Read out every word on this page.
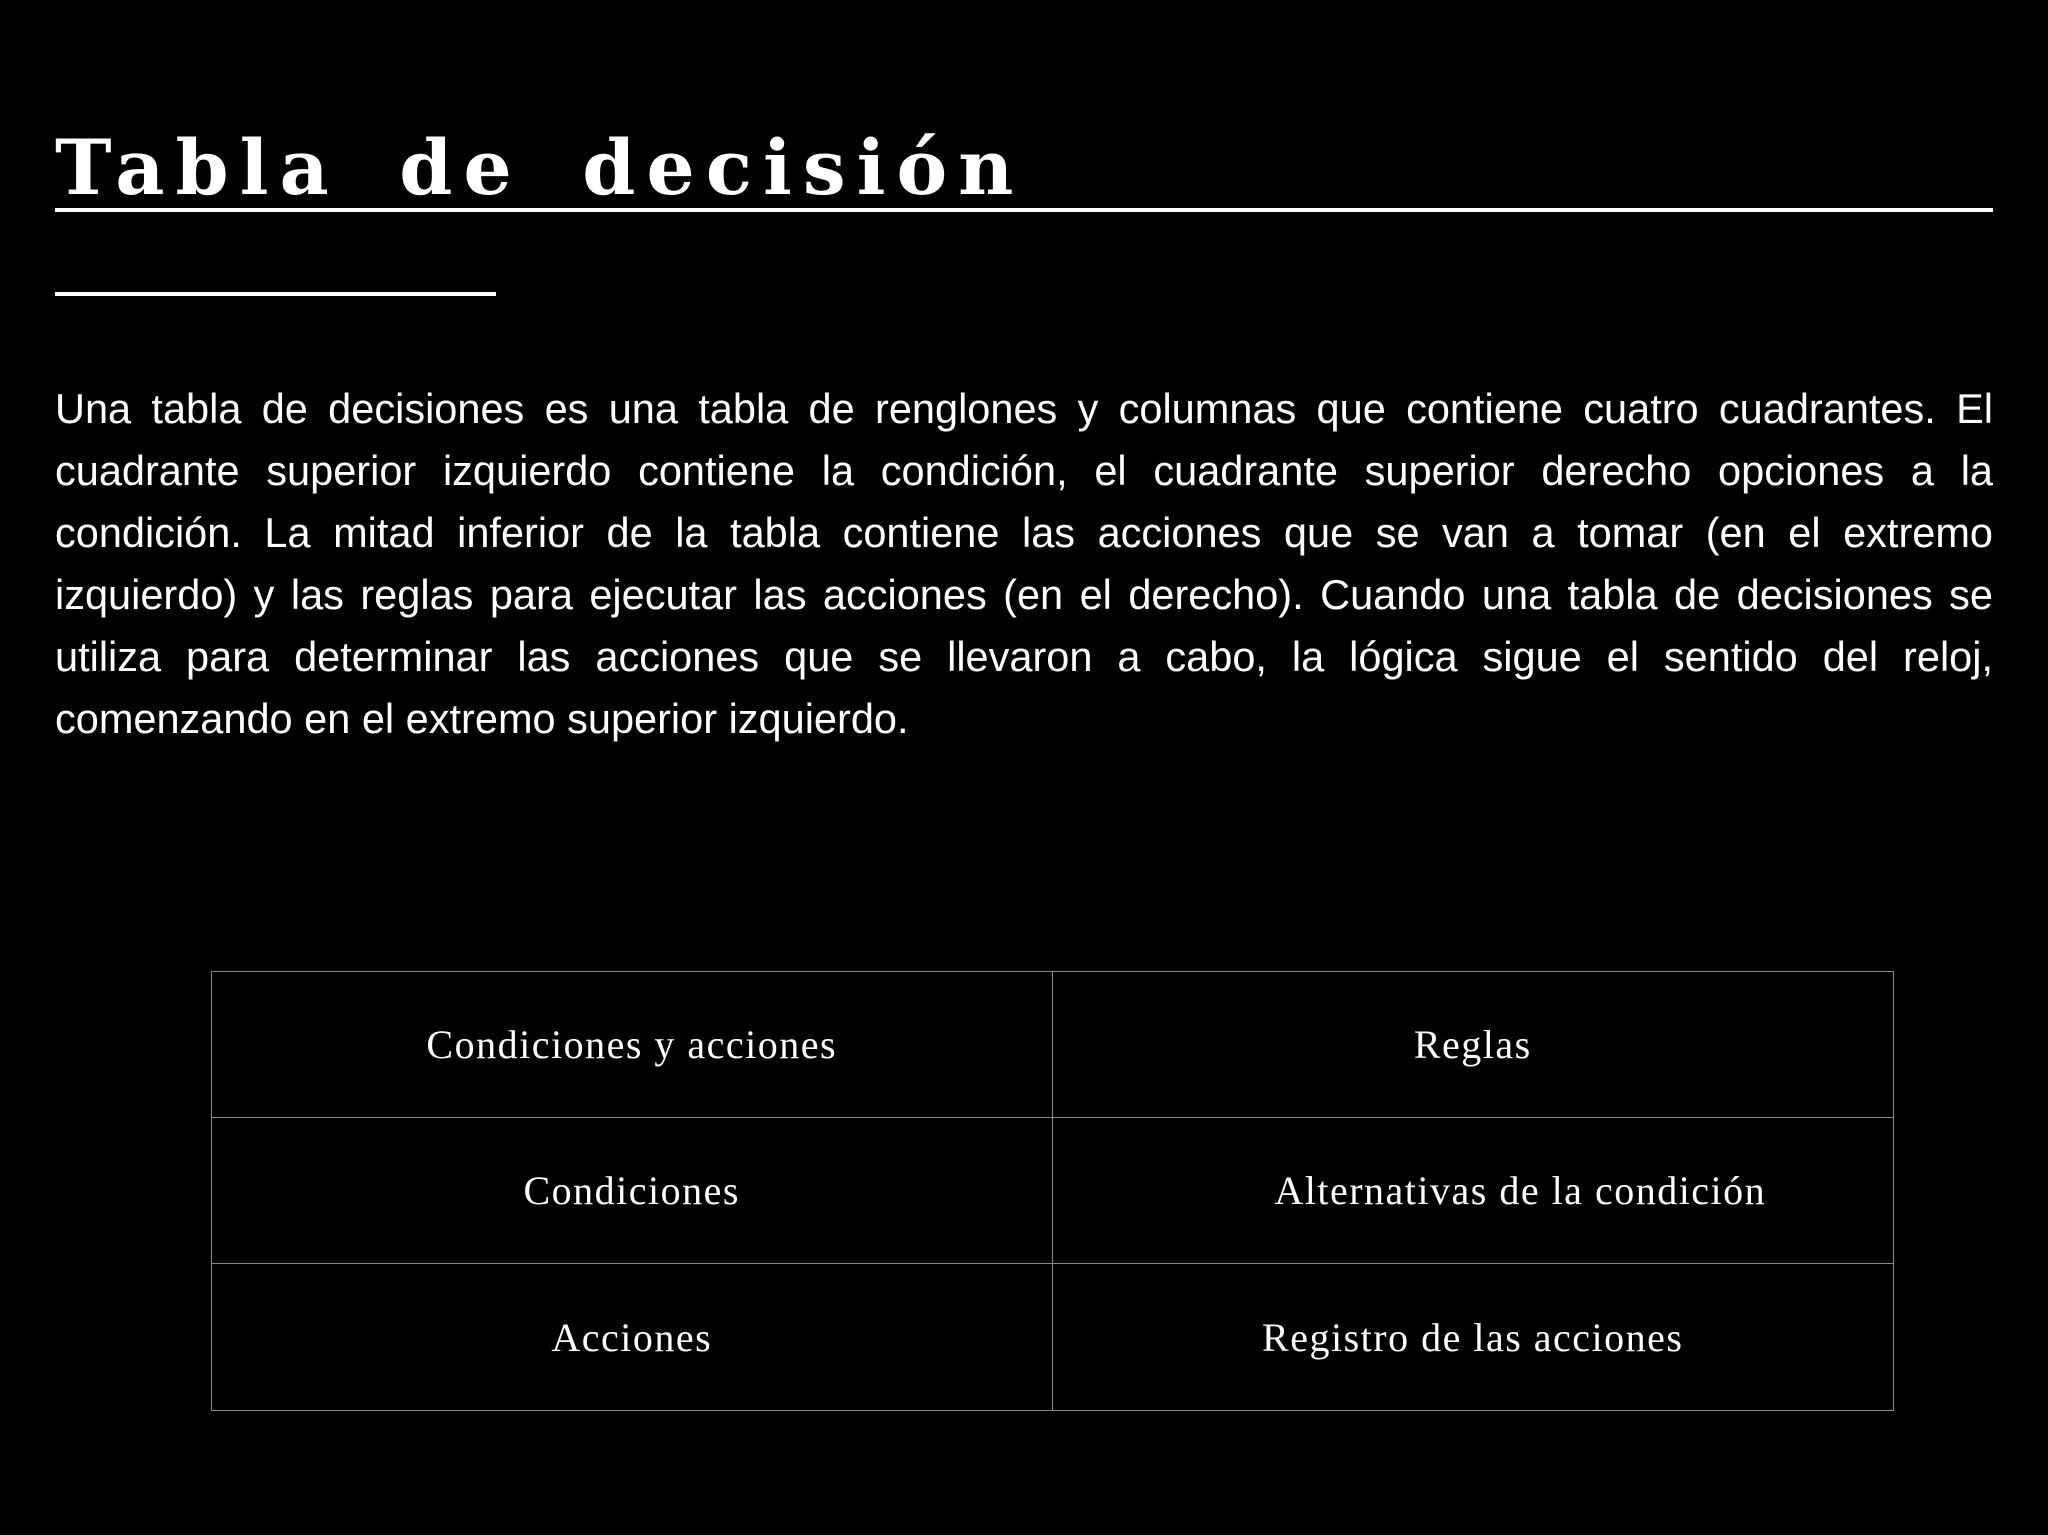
Tabla de decisión

Una tabla de decisiones es una tabla de renglones y columnas que contiene cuatro cuadrantes. El cuadrante superior izquierdo contiene la condición, el cuadrante superior derecho opciones a la condición. La mitad inferior de la tabla contiene las acciones que se van a tomar (en el extremo izquierdo) y las reglas para ejecutar las acciones (en el derecho). Cuando una tabla de decisiones se utiliza para determinar las acciones que se llevaron a cabo, la lógica sigue el sentido del reloj, comenzando en el extremo superior izquierdo.

Condiciones y acciones	Reglas
Condiciones	Alternativas de la condición
Acciones	Registro de las acciones
